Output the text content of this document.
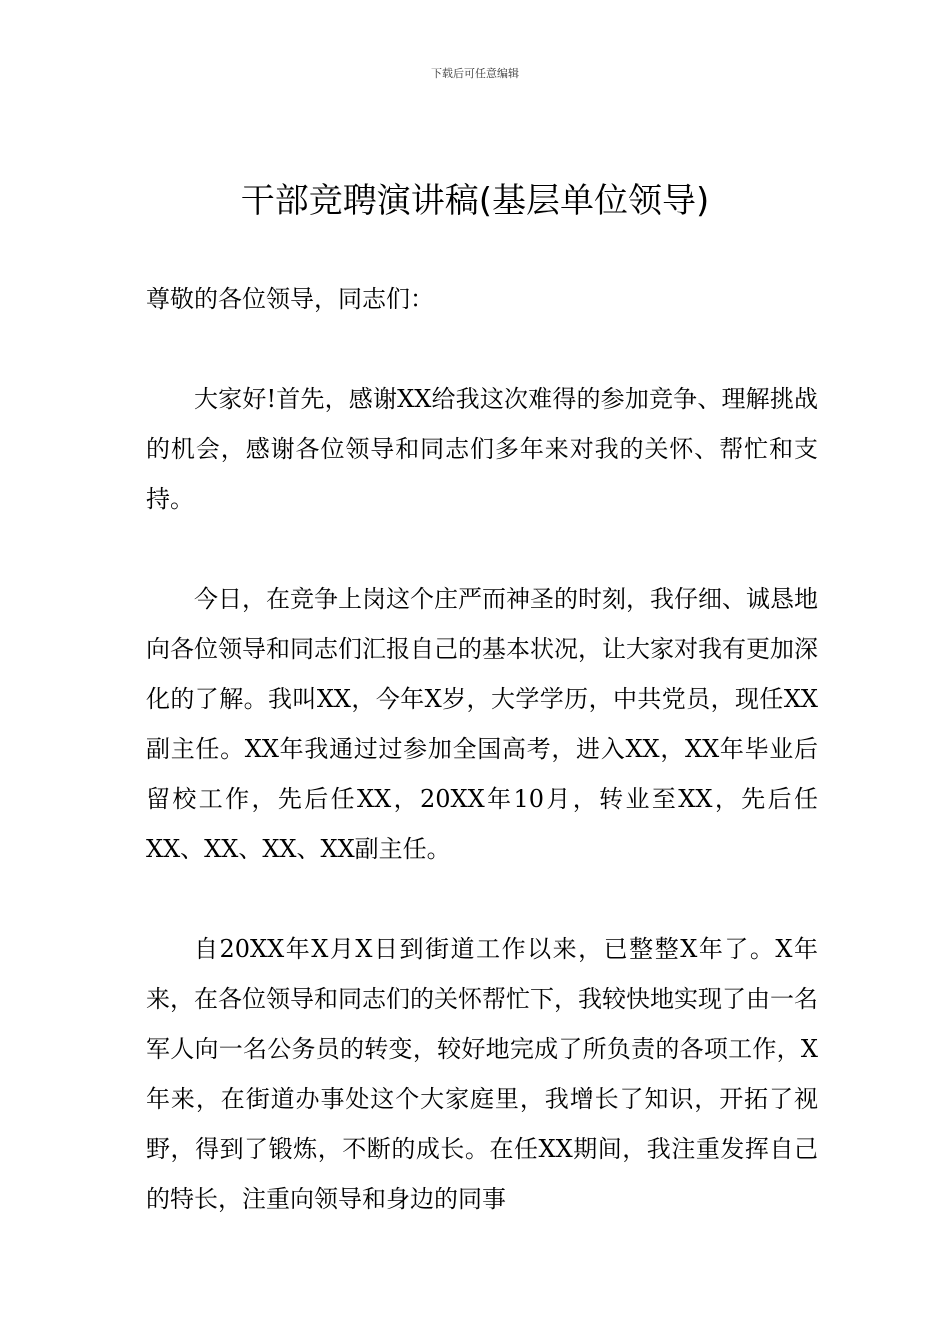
下载后可任意编辑
干部竞聘演讲稿(基层单位领导)

尊敬的各位领导，同志们：

大家好!首先，感谢XX给我这次难得的参加竞争、理解挑战的机会，感谢各位领导和同志们多年来对我的关怀、帮忙和支持。

今日，在竞争上岗这个庄严而神圣的时刻，我仔细、诚恳地向各位领导和同志们汇报自己的基本状况，让大家对我有更加深化的了解。我叫XX，今年X岁，大学学历，中共党员，现任XX副主任。XX年我通过过参加全国高考，进入XX，XX年毕业后留校工作，先后任XX，20XX年10月，转业至XX，先后任XX、XX、XX、XX副主任。

自20XX年X月X日到街道工作以来，已整整X年了。X年来，在各位领导和同志们的关怀帮忙下，我较快地实现了由一名军人向一名公务员的转变，较好地完成了所负责的各项工作，X年来，在街道办事处这个大家庭里，我增长了知识，开拓了视野，得到了锻炼，不断的成长。在任XX期间，我注重发挥自己的特长，注重向领导和身边的同事
